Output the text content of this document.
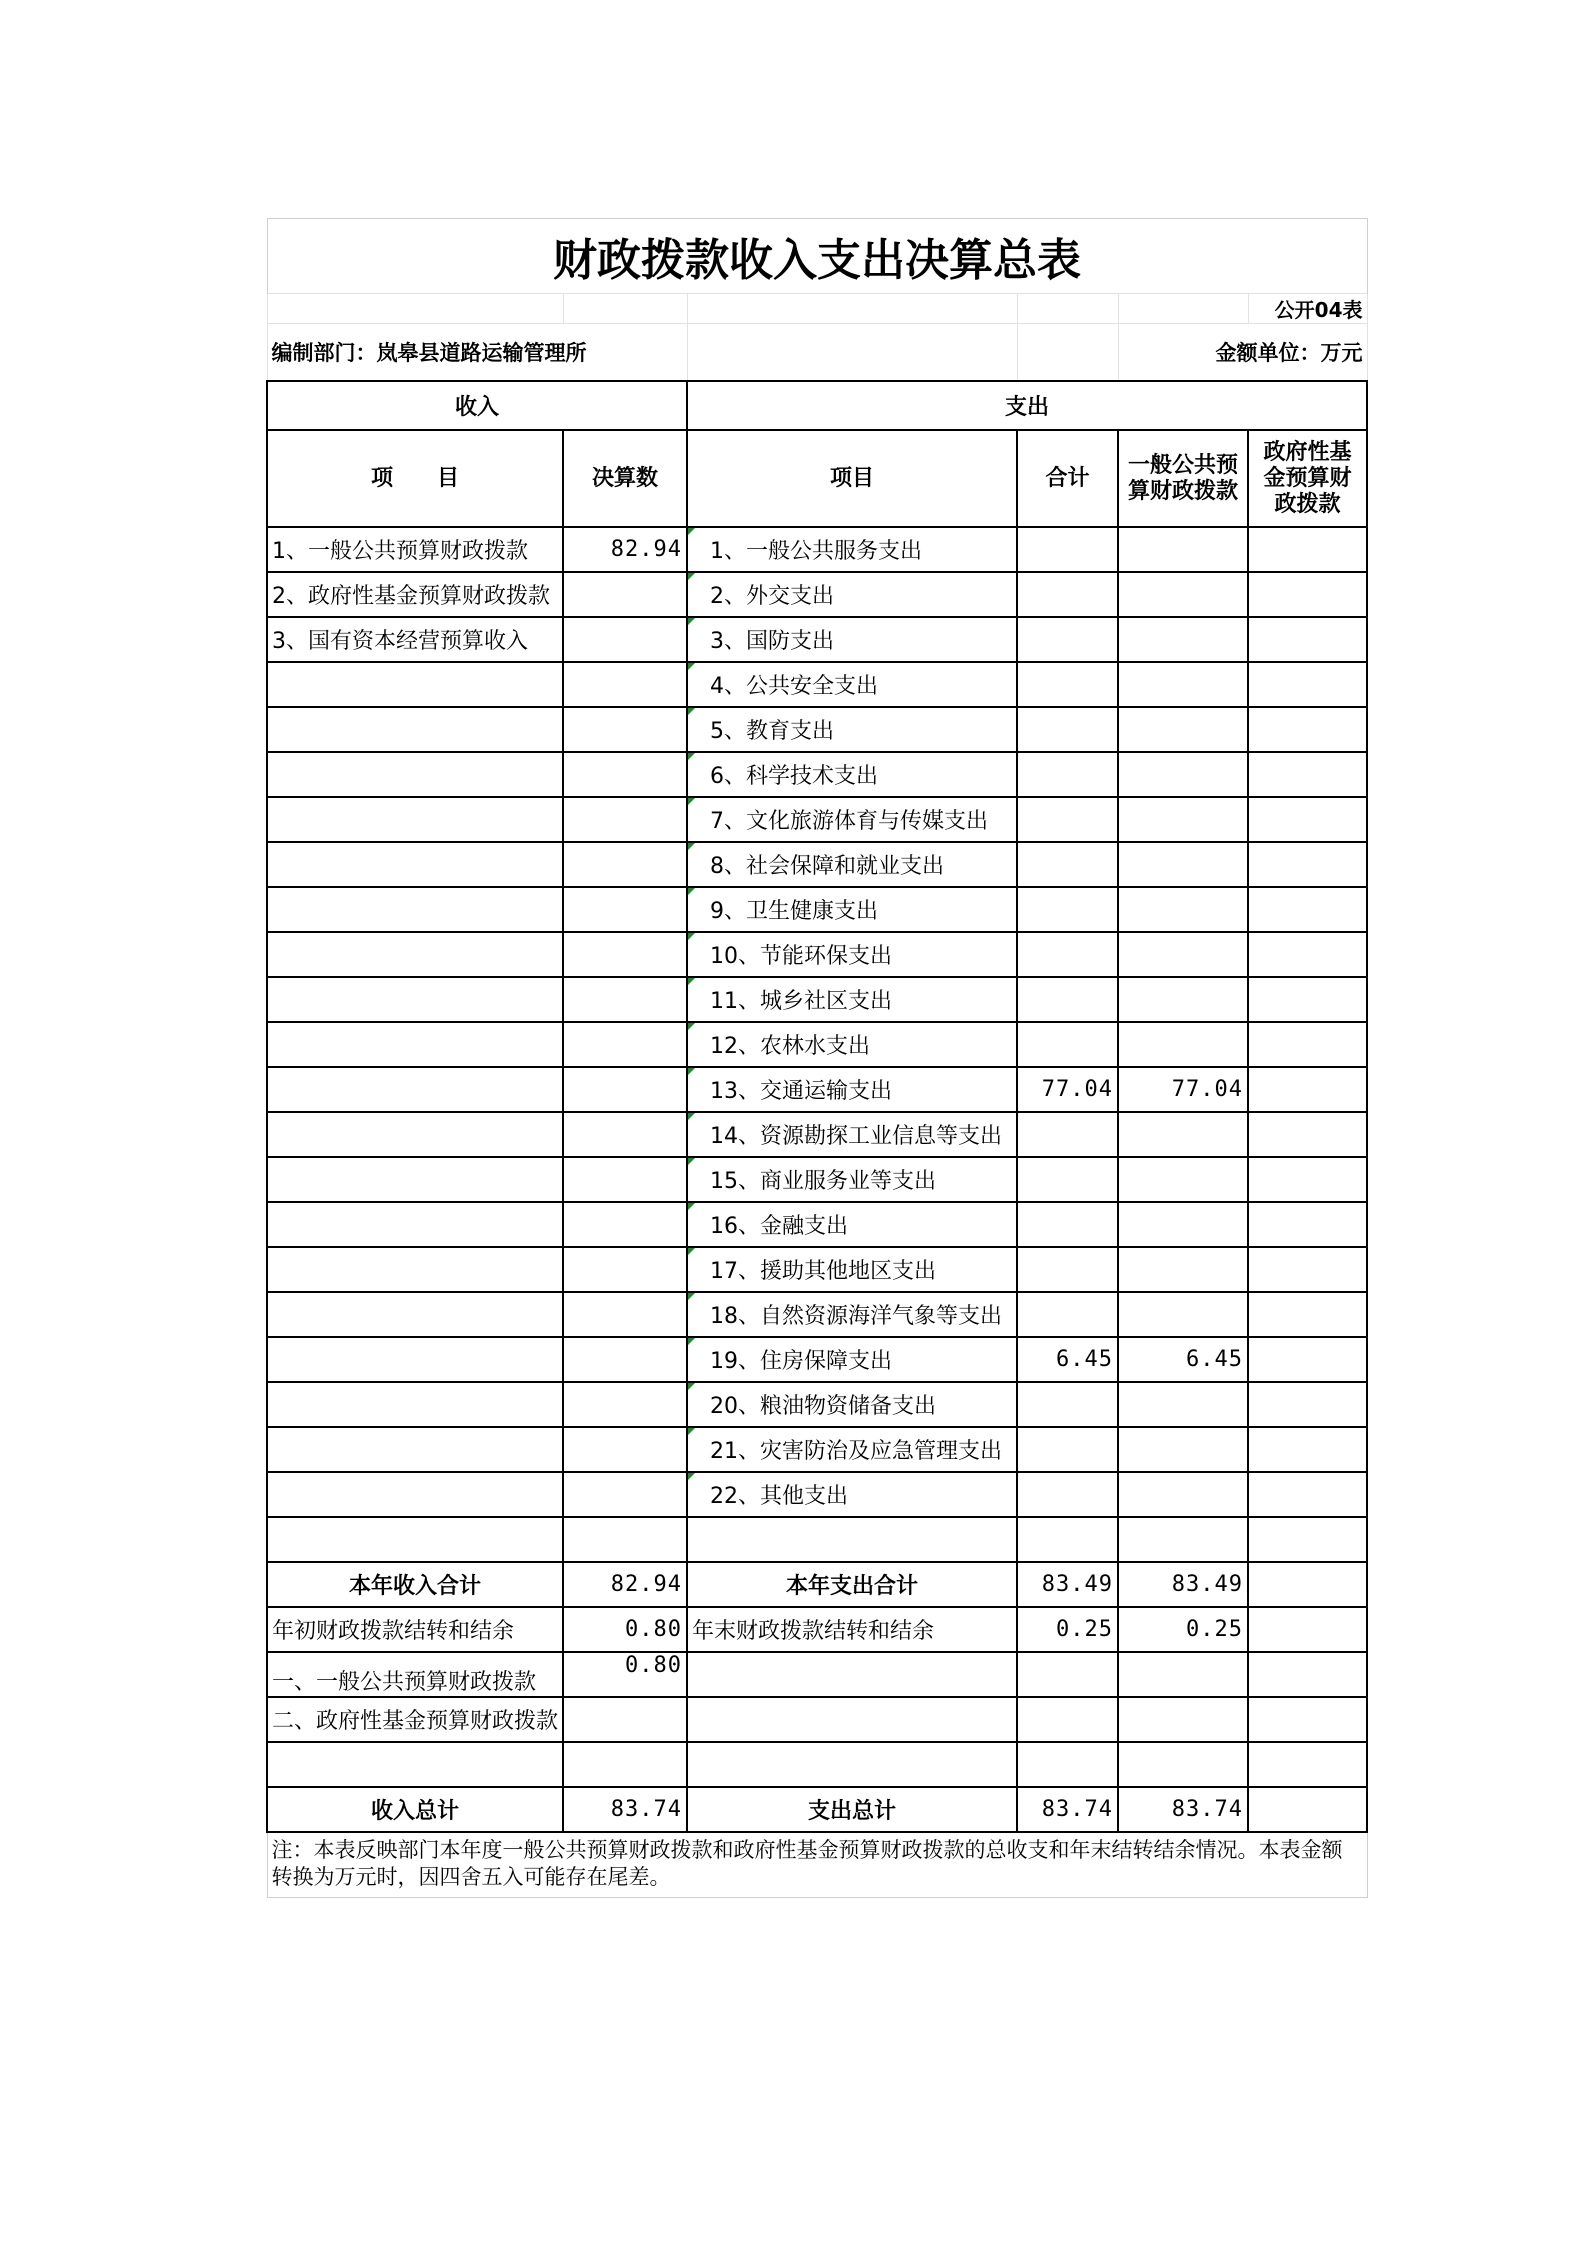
财政拨款收入支出决算总表					
					公开04表
编制部门：岚皋县道路运输管理所				金额单位：万元	
收入		支出			
项　　目	决算数	项目	合计	一般公共预算财政拨款	政府性基金预算财政拨款
1、一般公共预算财政拨款	82.94	1、一般公共服务支出			
2、政府性基金预算财政拨款		2、外交支出			
3、国有资本经营预算收入		3、国防支出			
		4、公共安全支出			
		5、教育支出			
		6、科学技术支出			
		7、文化旅游体育与传媒支出			
		8、社会保障和就业支出			
		9、卫生健康支出			
		10、节能环保支出			
		11、城乡社区支出			
		12、农林水支出			
		13、交通运输支出	77.04	77.04	
		14、资源勘探工业信息等支出			
		15、商业服务业等支出			
		16、金融支出			
		17、援助其他地区支出			
		18、自然资源海洋气象等支出			
		19、住房保障支出	6.45	6.45	
		20、粮油物资储备支出			
		21、灾害防治及应急管理支出			
		22、其他支出			

本年收入合计	82.94	本年支出合计	83.49	83.49	
年初财政拨款结转和结余	0.80	年末财政拨款结转和结余	0.25	0.25	
一、一般公共预算财政拨款	0.80				
二、政府性基金预算财政拨款					

收入总计	83.74	支出总计	83.74	83.74	
注：本表反映部门本年度一般公共预算财政拨款和政府性基金预算财政拨款的总收支和年末结转结余情况。本表金额转换为万元时，因四舍五入可能存在尾差。					
